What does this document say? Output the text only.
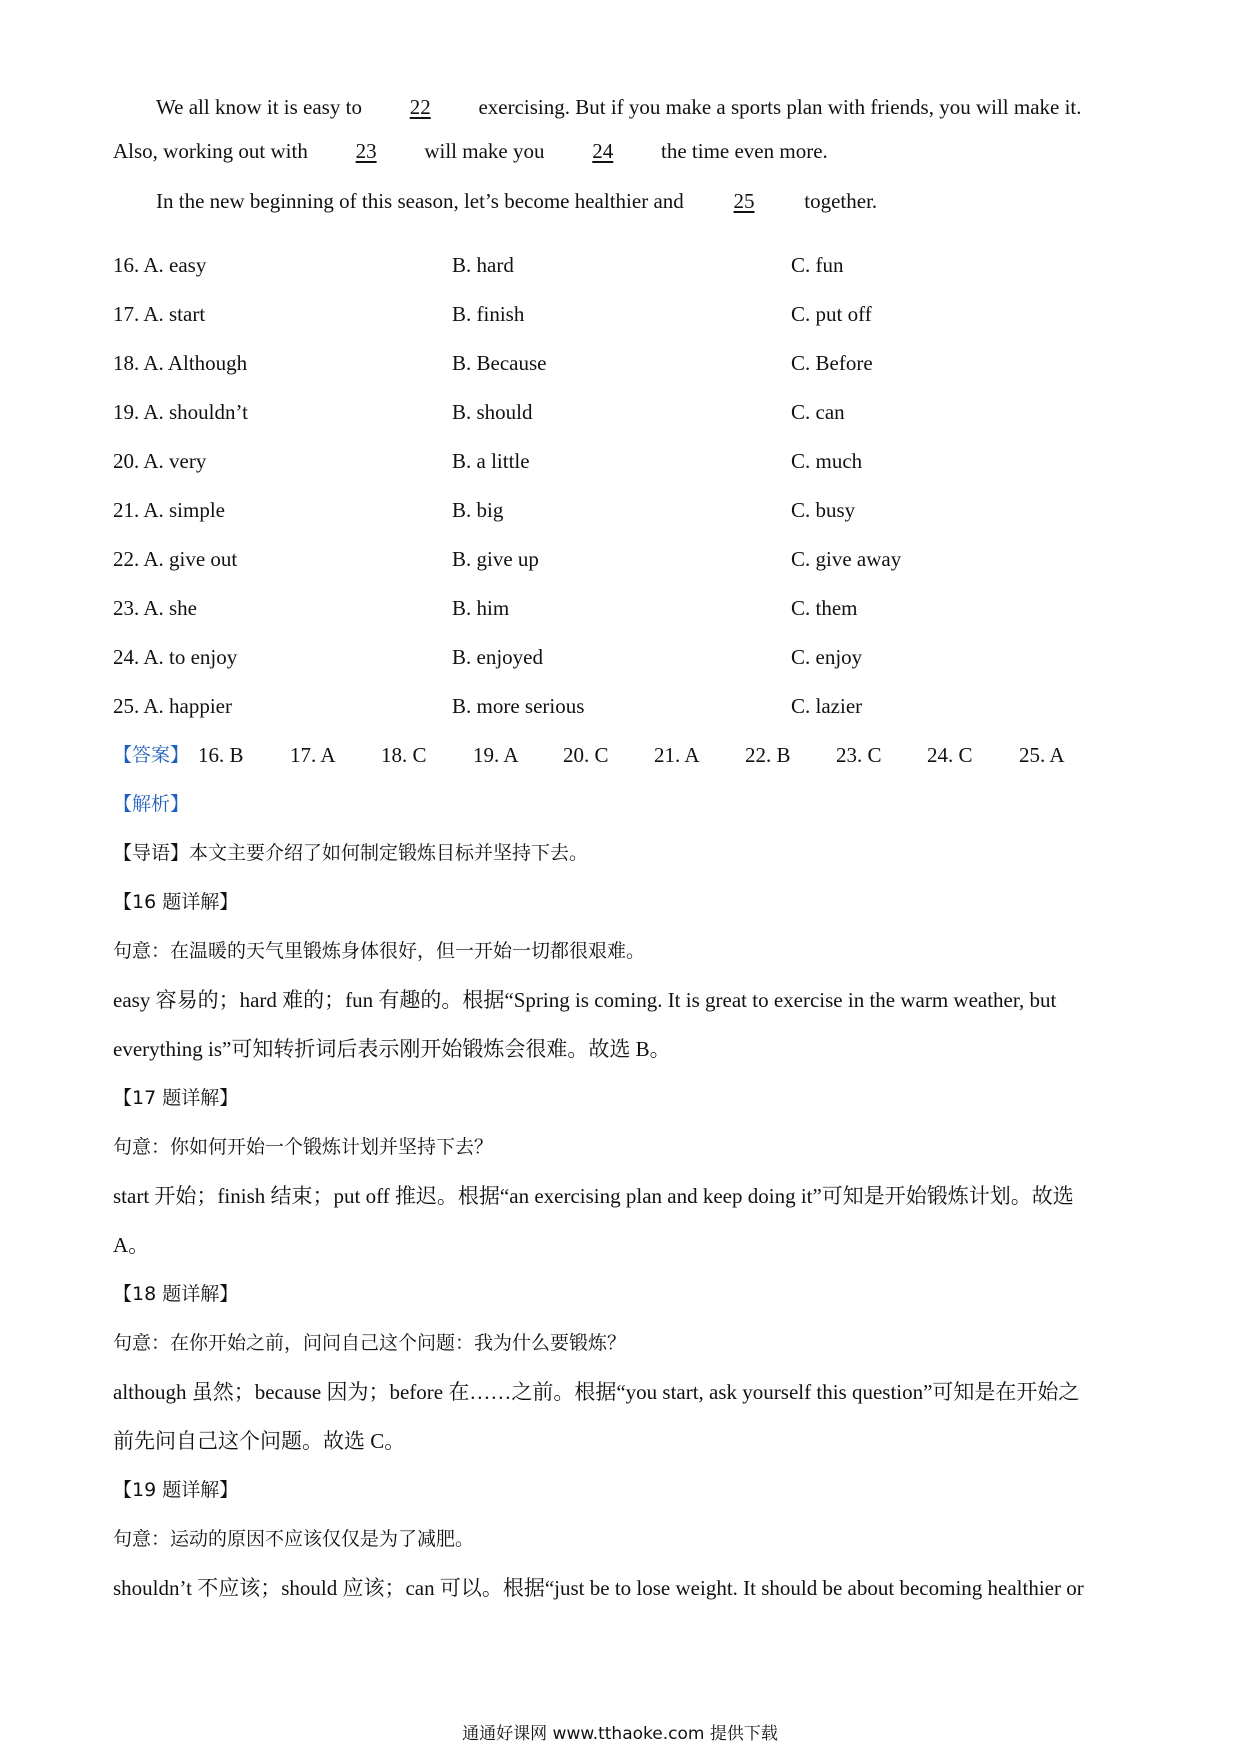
We all know it is easy to 22 exercising. But if you make a sports plan with friends, you will make it.
Also, working out with 23 will make you 24 the time even more.
In the new beginning of this season, let’s become healthier and 25 together.
16. A. easy	B. hard	C. fun
17. A. start	B. finish	C. put off
18. A. Although	B. Because	C. Before
19. A. shouldn’t	B. should	C. can
20. A. very	B. a little	C. much
21. A. simple	B. big	C. busy
22. A. give out	B. give up	C. give away
23. A. she	B. him	C. them
24. A. to enjoy	B. enjoyed	C. enjoy
25. A. happier	B. more serious	C. lazier
【答案】 16. B 17. A 18. C 19. A 20. C 21. A 22. B 23. C 24. C 25. A
【解析】
【导语】本文主要介绍了如何制定锻炼目标并坚持下去。
【16 题详解】
句意：在温暖的天气里锻炼身体很好，但一开始一切都很艰难。
easy 容易的；hard 难的；fun 有趣的。根据“Spring is coming. It is great to exercise in the warm weather, but
everything is”可知转折词后表示刚开始锻炼会很难。故选 B。
【17 题详解】
句意：你如何开始一个锻炼计划并坚持下去？
start 开始；finish 结束；put off 推迟。根据“an exercising plan and keep doing it”可知是开始锻炼计划。故选
A。
【18 题详解】
句意：在你开始之前，问问自己这个问题：我为什么要锻炼？
although 虽然；because 因为；before 在……之前。根据“you start, ask yourself this question”可知是在开始之
前先问自己这个问题。故选 C。
【19 题详解】
句意：运动的原因不应该仅仅是为了减肥。
shouldn’t 不应该；should 应该；can 可以。根据“just be to lose weight. It should be about becoming healthier or
通通好课网 www.tthaoke.com 提供下载
